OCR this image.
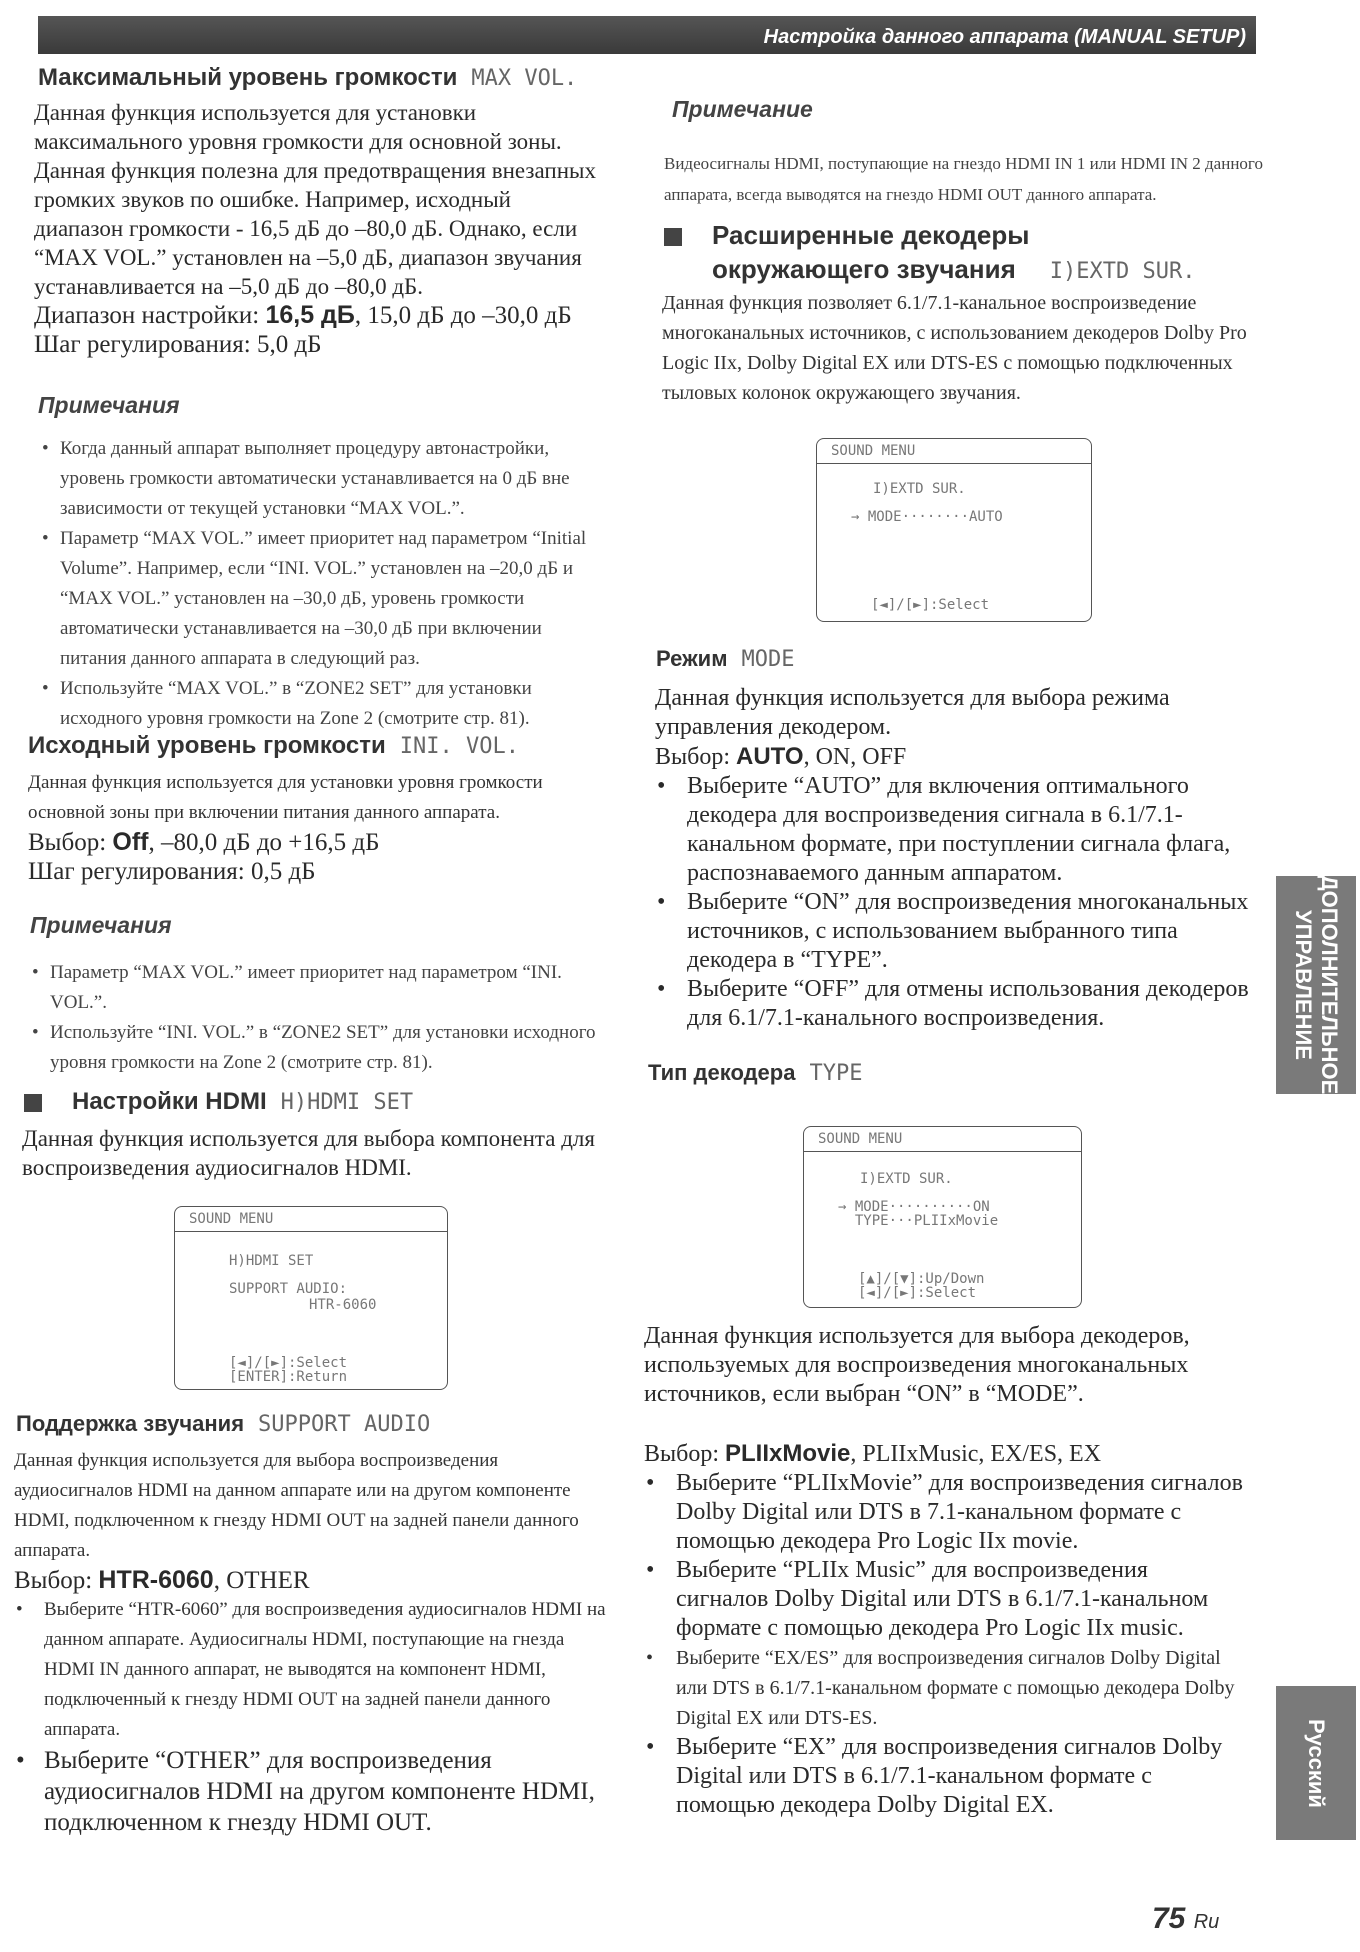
Настройка данного аппарата (MANUAL SETUP)
Максимальный уровень громкости MAX VOL.

Данная функция используется для установки

максимального уровня громкости для основной зоны.

Данная функция полезна для предотвращения внезапных

громких звуков по ошибке. Например, исходный

диапазон громкости - 16,5 дБ до –80,0 дБ. Однако, если

“MAX VOL.” установлен на –5,0 дБ, диапазон звучания

устанавливается на –5,0 дБ до –80,0 дБ.

Диапазон настройки: 16,5 дБ, 15,0 дБ до –30,0 дБ

Шаг регулирования: 5,0 дБ

Примечания
• Когда данный аппарат выполняет процедуру автонастройки, уровень громкости автоматически устанавливается на 0 дБ вне зависимости от текущей установки “MAX VOL.”.
• Параметр “MAX VOL.” имеет приоритет над параметром “Initial Volume”. Например, если “INI. VOL.” установлен на –20,0 дБ и “MAX VOL.” установлен на –30,0 дБ, уровень громкости автоматически устанавливается на –30,0 дБ при включении питания данного аппарата в следующий раз.
• Используйте “MAX VOL.” в “ZONE2 SET” для установки исходного уровня громкости на Zone 2 (смотрите стр. 81).
Исходный уровень громкости INI. VOL.

Данная функция используется для установки уровня громкости основной зоны при включении питания данного аппарата.

Выбор: Off, –80,0 дБ до +16,5 дБ

Шаг регулирования: 0,5 дБ

Примечания
• Параметр “MAX VOL.” имеет приоритет над параметром “INI. VOL.”.
• Используйте “INI. VOL.” в “ZONE2 SET” для установки исходного уровня громкости на Zone 2 (смотрите стр. 81).
Настройки HDMI H)HDMI SET

Данная функция используется для выбора компонента для воспроизведения аудиосигналов HDMI.

SOUND MENU
H)HDMI SET
SUPPORT AUDIO:
HTR-6060
[◄]/[►]:Select
[ENTER]:Return
Поддержка звучания SUPPORT AUDIO

Данная функция используется для выбора воспроизведения аудиосигналов HDMI на данном аппарате или на другом компоненте HDMI, подключенном к гнезду HDMI OUT на задней панели данного аппарата.

Выбор: HTR-6060, OTHER

• Выберите “HTR-6060” для воспроизведения аудиосигналов HDMI на данном аппарате. Аудиосигналы HDMI, поступающие на гнезда HDMI IN данного аппарат, не выводятся на компонент HDMI, подключенный к гнезду HDMI OUT на задней панели данного аппарата.
• Выберите “OTHER” для воспроизведения аудиосигналов HDMI на другом компоненте HDMI, подключенном к гнезду HDMI OUT.
Примечание

Видеосигналы HDMI, поступающие на гнездо HDMI IN 1 или HDMI IN 2 данного аппарата, всегда выводятся на гнездо HDMI OUT данного аппарата.

Расширенные декодеры
окружающего звучания I)EXTD SUR.

Данная функция позволяет 6.1/7.1-канальное воспроизведение многоканальных источников, с использованием декодеров Dolby Pro Logic IIx, Dolby Digital EX или DTS-ES с помощью подключенных тыловых колонок окружающего звучания.

SOUND MENU
I)EXTD SUR.
→ MODE········AUTO
[◄]/[►]:Select
Режим MODE

Данная функция используется для выбора режима управления декодером.

Выбор: AUTO, ON, OFF

• Выберите “AUTO” для включения оптимального декодера для воспроизведения сигнала в 6.1/7.1-канальном формате, при поступлении сигнала флага, распознаваемого данным аппаратом.
• Выберите “ON” для воспроизведения многоканальных источников, с использованием выбранного типа декодера в “TYPE”.
• Выберите “OFF” для отмены использования декодеров для 6.1/7.1-канального воспроизведения.
Тип декодера TYPE
SOUND MENU
I)EXTD SUR.
→ MODE··········ON
TYPE···PLIIxMovie
[▲]/[▼]:Up/Down
[◄]/[►]:Select

Данная функция используется для выбора декодеров, используемых для воспроизведения многоканальных источников, если выбран “ON” в “MODE”.

Выбор: PLIIxMovie, PLIIxMusic, EX/ES, EX

• Выберите “PLIIxMovie” для воспроизведения сигналов Dolby Digital или DTS в 7.1-канальном формате с помощью декодера Pro Logic IIx movie.
• Выберите “PLIIx Music” для воспроизведения сигналов Dolby Digital или DTS в 6.1/7.1-канальном формате с помощью декодера Pro Logic IIx music.
• Выберите “EX/ES” для воспроизведения сигналов Dolby Digital или DTS в 6.1/7.1-канальном формате с помощью декодера Dolby Digital EX или DTS-ES.
• Выберите “EX” для воспроизведения сигналов Dolby Digital или DTS в 6.1/7.1-канальном формате с помощью декодера Dolby Digital EX.
ДОПОЛНИТЕЛЬНОЕ УПРАВЛЕНИЕ
Русский
75 Ru
